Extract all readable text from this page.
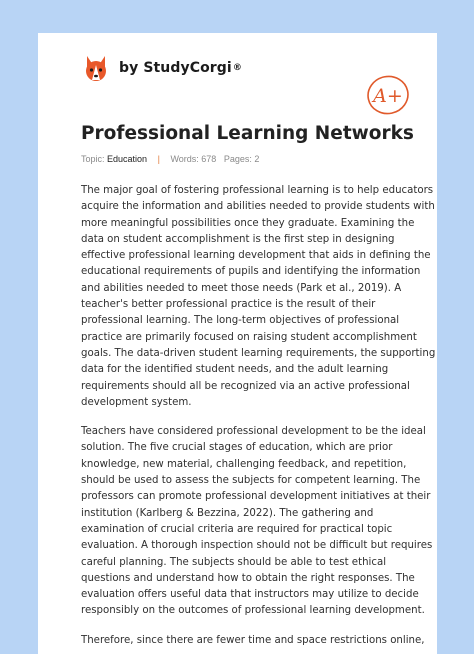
by StudyCorgi ®
A+
Professional Learning Networks
Topic: Education | Words: 678 Pages: 2

The major goal of fostering professional learning is to help educators acquire the information and abilities needed to provide students with more meaningful possibilities once they graduate. Examining the data on student accomplishment is the first step in designing effective professional learning development that aids in defining the educational requirements of pupils and identifying the information and abilities needed to meet those needs (Park et al., 2019). A teacher's better professional practice is the result of their professional learning. The long-term objectives of professional practice are primarily focused on raising student accomplishment goals. The data-driven student learning requirements, the supporting data for the identified student needs, and the adult learning requirements should all be recognized via an active professional development system.

Teachers have considered professional development to be the ideal solution. The five crucial stages of education, which are prior knowledge, new material, challenging feedback, and repetition, should be used to assess the subjects for competent learning. The professors can promote professional development initiatives at their institution (Karlberg & Bezzina, 2022). The gathering and examination of crucial criteria are required for practical topic evaluation. A thorough inspection should not be difficult but requires careful planning. The subjects should be able to test ethical questions and understand how to obtain the right responses. The evaluation offers useful data that instructors may utilize to decide responsibly on the outcomes of professional learning development.

Therefore, since there are fewer time and space restrictions online,
